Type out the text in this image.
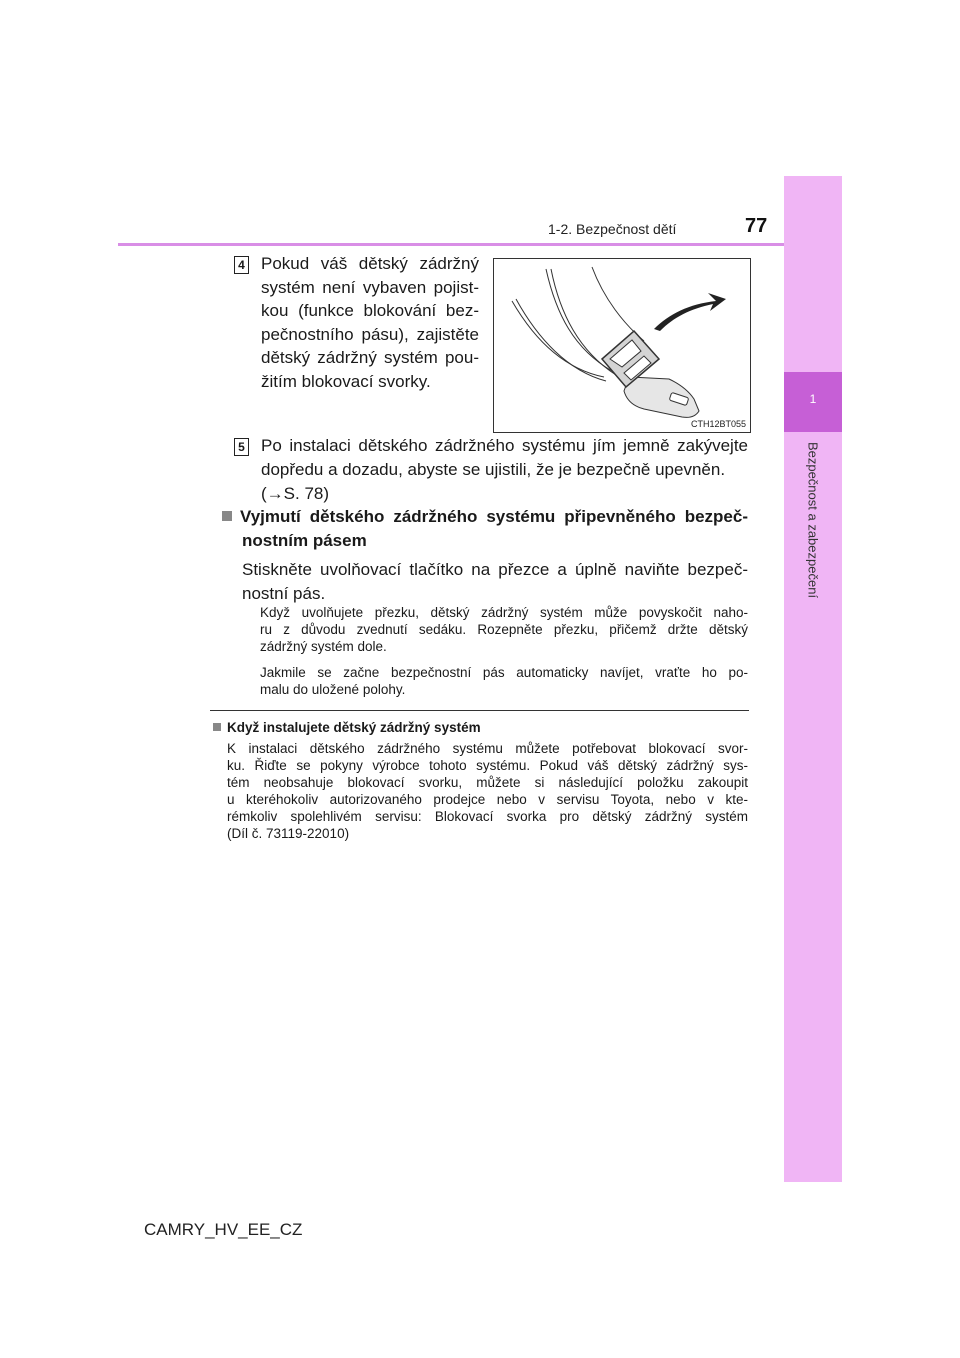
1
Bezpečnost a zabezpečení
1-2. Bezpečnost dětí	77
4 Pokud váš dětský zádržný
systém není vybaven pojist-
kou (funkce blokování bez-
pečnostního pásu), zajistěte
dětský zádržný systém pou-
žitím blokovací svorky.
CTH12BT055
5 Po instalaci dětského zádržného systému jím jemně zakývejte
dopředu a dozadu, abyste se ujistili, že je bezpečně upevněn.
(→S. 78)
Vyjmutí dětského zádržného systému připevněného bezpeč-
nostním pásem
Stiskněte uvolňovací tlačítko na přezce a úplně naviňte bezpeč-
nostní pás.
Když uvolňujete přezku, dětský zádržný systém může povyskočit naho-
ru z důvodu zvednutí sedáku. Rozepněte přezku, přičemž držte dětský
zádržný systém dole.
Jakmile se začne bezpečnostní pás automaticky navíjet, vraťte ho po-
malu do uložené polohy.
Když instalujete dětský zádržný systém
K instalaci dětského zádržného systému můžete potřebovat blokovací svor-
ku. Řiďte se pokyny výrobce tohoto systému. Pokud váš dětský zádržný sys-
tém neobsahuje blokovací svorku, můžete si následující položku zakoupit
u kteréhokoliv autorizovaného prodejce nebo v servisu Toyota, nebo v kte-
rémkoliv spolehlivém servisu: Blokovací svorka pro dětský zádržný systém
(Díl č. 73119-22010)
CAMRY_HV_EE_CZ
